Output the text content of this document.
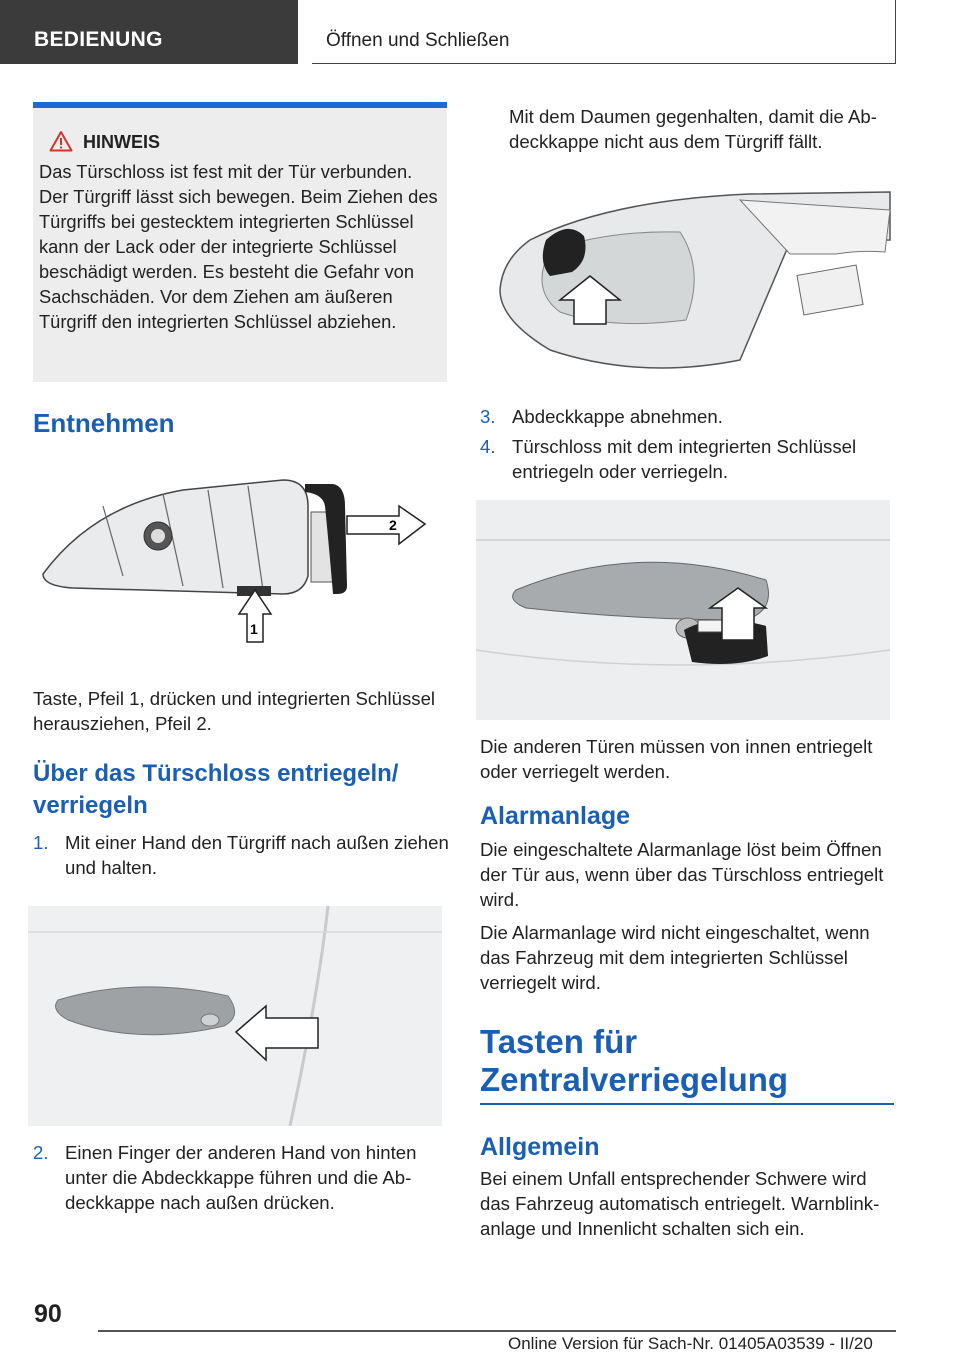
BEDIENUNG	Öffnen und Schließen
HINWEIS
Das Türschloss ist fest mit der Tür verbunden. Der Türgriff lässt sich bewegen. Beim Ziehen des Türgriffs bei gestecktem integrierten Schlüssel kann der Lack oder der integrierte Schlüssel beschädigt werden. Es besteht die Gefahr von Sachschäden. Vor dem Ziehen am äußeren Türgriff den integrierten Schlüssel abziehen.
Entnehmen
1
2
Taste, Pfeil 1, drücken und integrierten Schlüssel herausziehen, Pfeil 2.
Über das Türschloss entriegeln/ verriegeln
1. Mit einer Hand den Türgriff nach außen ziehen und halten.
2. Einen Finger der anderen Hand von hinten unter die Abdeckkappe führen und die Abdeckkappe nach außen drücken.
Mit dem Daumen gegenhalten, damit die Abdeckkappe nicht aus dem Türgriff fällt.
3. Abdeckkappe abnehmen.
4. Türschloss mit dem integrierten Schlüssel entriegeln oder verriegeln.
Die anderen Türen müssen von innen entriegelt oder verriegelt werden.
Alarmanlage
Die eingeschaltete Alarmanlage löst beim Öffnen der Tür aus, wenn über das Türschloss entriegelt wird.
Die Alarmanlage wird nicht eingeschaltet, wenn das Fahrzeug mit dem integrierten Schlüssel verriegelt wird.
Tasten für
Zentralverriegelung
Allgemein
Bei einem Unfall entsprechender Schwere wird das Fahrzeug automatisch entriegelt. Warnblinkanlage und Innenlicht schalten sich ein.
90
Online Version für Sach-Nr. 01405A03539 - II/20
